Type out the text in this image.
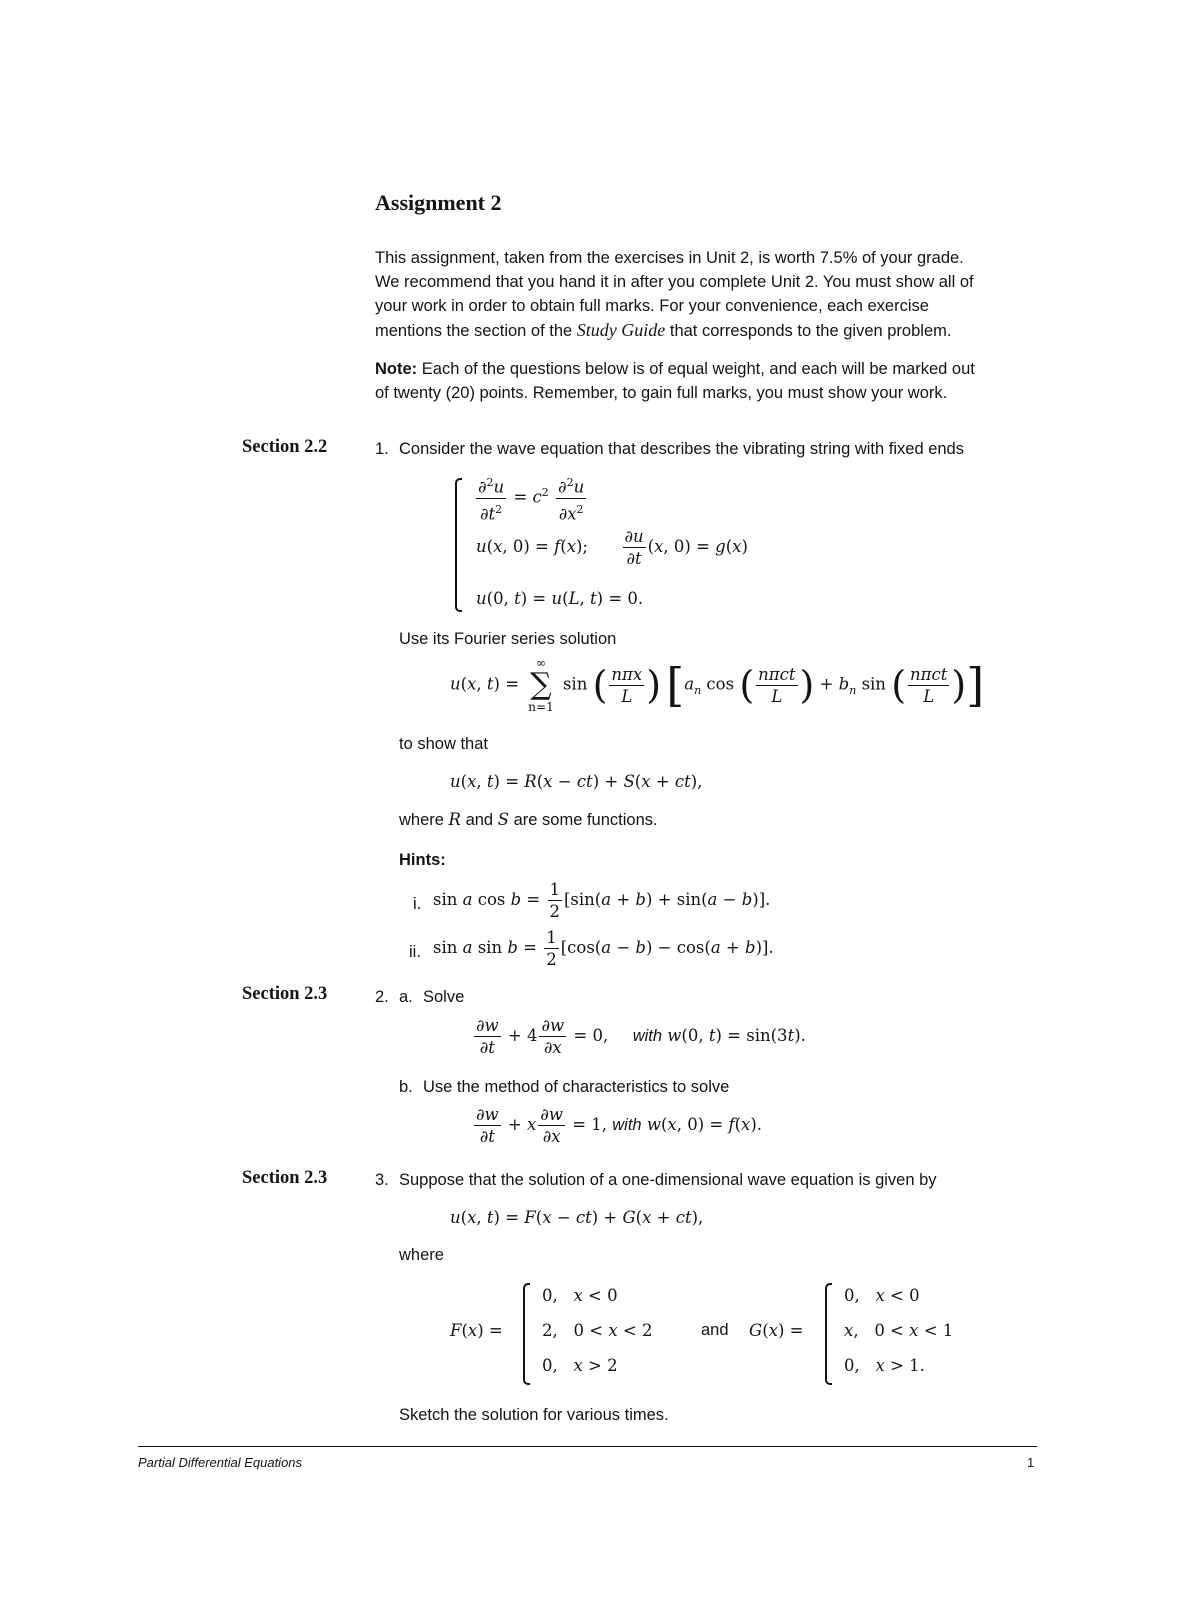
Assignment 2
This assignment, taken from the exercises in Unit 2, is worth 7.5% of your grade.
We recommend that you hand it in after you complete Unit 2. You must show all of
your work in order to obtain full marks. For your convenience, each exercise
mentions the section of the Study Guide that corresponds to the given problem.
Note: Each of the questions below is of equal weight, and each will be marked out
of twenty (20) points. Remember, to gain full marks, you must show your work.
Section 2.2	1. Consider the wave equation that describes the vibrating string with fixed ends
$\frac{\partial^2u}{\partial t^2} = c^2 \frac{\partial^2u}{\partial x^2}$
u(x, 0) = f(x); $\frac{\partial u}{\partial t} (x$, 0) = g(x)
u(0, t) = u(L, t) = 0.
Use its Fourier series solution
u(x, t) =
∞
∑
n=1
sin ( $\frac{\text{nπx}}{L}$ ) [$a_n$ cos ( $\frac{\text{nπct}}{L}$ ) + $b_n$ sin ( $\frac{\text{nπct}}{L}$ )]
to show that
u(x, t) = R(x − ct) + S(x + ct),
where R and S are some functions.
Hints:
i. sin a $\cos b = \frac{1}{2} [\sin(a + b) + \sin(a - b)]$.
ii. sin a $\sin b = \frac{1}{2} [\cos(a - b) - \cos(a + b)]$.
Section 2.3	2. a. Solve
$\frac{\partial w}{\partial t} + 4 \frac{\partial w}{\partial x} = 0$, with w(0, t) = sin(3t).
b. Use the method of characteristics to solve
$\frac{\partial w}{\partial t} + x \frac{\partial w}{\partial x} = 1$, with w(x, 0) = f(x).
Section 2.3	3. Suppose that the solution of a one-dimensional wave equation is given by
u(x, t) = F(x − ct) + G(x + ct),
where
F(x) =
0,   x < 0
2, 0 < x < 2
0,   x > 2
and G(x) =
0,   x < 0
x, 0 < x < 1
0,   x > 1.
Sketch the solution for various times.
Partial Differential Equations	1
